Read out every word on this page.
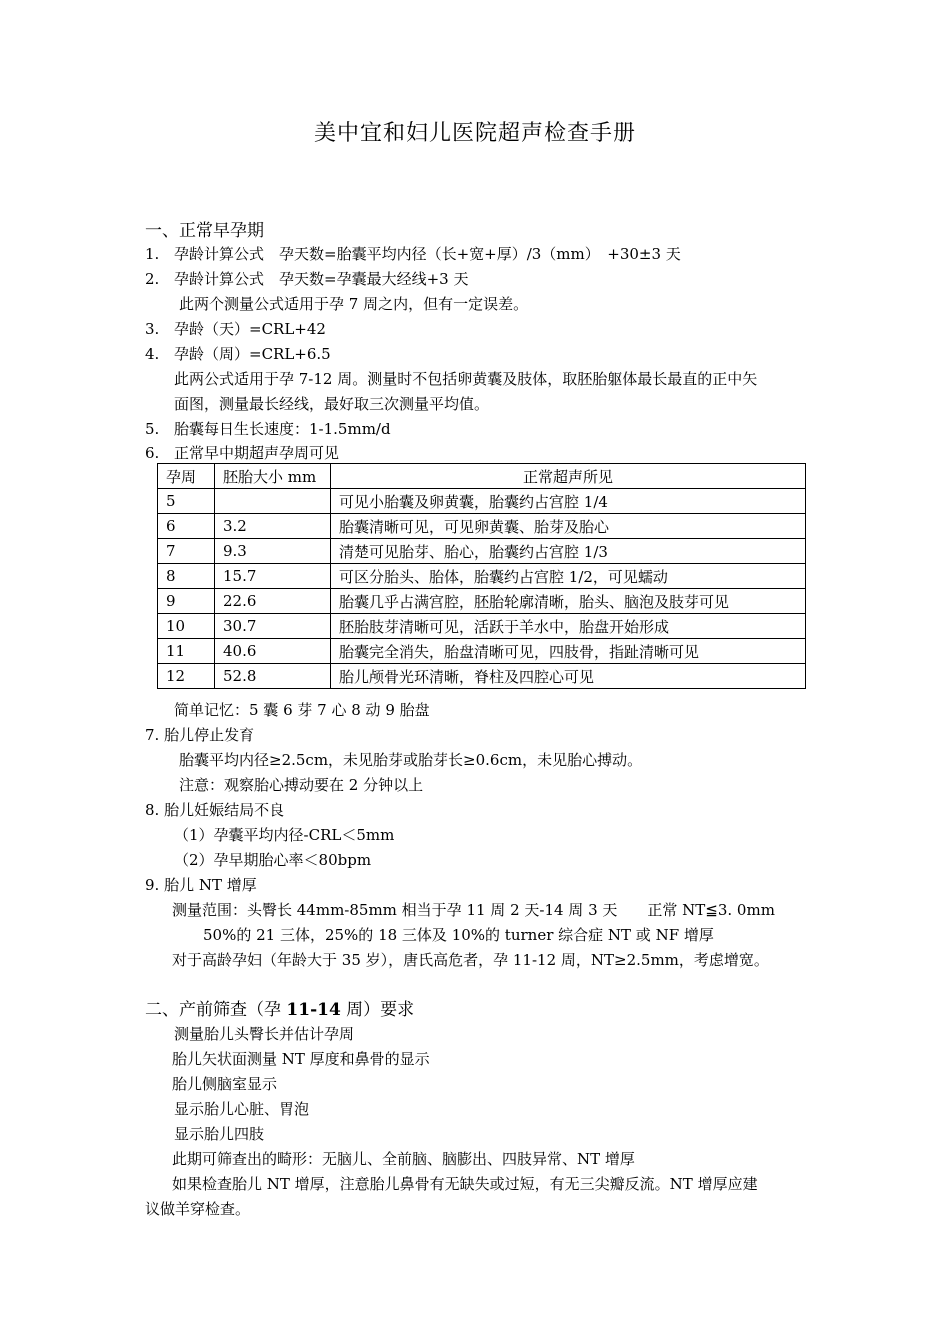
美中宜和妇儿医院超声检查手册
一、正常早孕期
1. 孕龄计算公式　孕天数=胎囊平均内径（长+宽+厚）/3（mm）　+30±3 天
2. 孕龄计算公式　孕天数=孕囊最大经线+3 天
此两个测量公式适用于孕 7 周之内，但有一定误差。
3. 孕龄（天）=CRL+42
4. 孕龄（周）=CRL+6.5
此两公式适用于孕 7-12 周。测量时不包括卵黄囊及肢体，取胚胎躯体最长最直的正中矢
面图，测量最长经线，最好取三次测量平均值。
5. 胎囊每日生长速度：1-1.5mm/d
6. 正常早中期超声孕周可见
孕周	胚胎大小 mm	正常超声所见
5		可见小胎囊及卵黄囊，胎囊约占宫腔 1/4
6	3.2	胎囊清晰可见，可见卵黄囊、胎芽及胎心
7	9.3	清楚可见胎芽、胎心，胎囊约占宫腔 1/3
8	15.7	可区分胎头、胎体，胎囊约占宫腔 1/2，可见蠕动
9	22.6	胎囊几乎占满宫腔，胚胎轮廓清晰，胎头、脑泡及肢芽可见
10	30.7	胚胎肢芽清晰可见，活跃于羊水中，胎盘开始形成
11	40.6	胎囊完全消失，胎盘清晰可见，四肢骨，指趾清晰可见
12	52.8	胎儿颅骨光环清晰，脊柱及四腔心可见
简单记忆：5 囊 6 芽 7 心 8 动 9 胎盘
7. 胎儿停止发育
胎囊平均内径≥2.5cm，未见胎芽或胎芽长≥0.6cm，未见胎心搏动。
注意：观察胎心搏动要在 2 分钟以上
8. 胎儿妊娠结局不良
（1）孕囊平均内径-CRL＜5mm
（2）孕早期胎心率＜80bpm
9. 胎儿 NT 增厚
测量范围：头臀长 44mm-85mm 相当于孕 11 周 2 天-14 周 3 天　　正常 NT≦3. 0mm
50%的 21 三体，25%的 18 三体及 10%的 turner 综合症 NT 或 NF 增厚
对于高龄孕妇（年龄大于 35 岁），唐氏高危者，孕 11-12 周，NT≥2.5mm，考虑增宽。
二、产前筛查（孕 11-14 周）要求
测量胎儿头臀长并估计孕周
胎儿矢状面测量 NT 厚度和鼻骨的显示
胎儿侧脑室显示
显示胎儿心脏、胃泡
显示胎儿四肢
此期可筛查出的畸形：无脑儿、全前脑、脑膨出、四肢异常、NT 增厚
如果检查胎儿 NT 增厚，注意胎儿鼻骨有无缺失或过短，有无三尖瓣反流。NT 增厚应建
议做羊穿检查。
